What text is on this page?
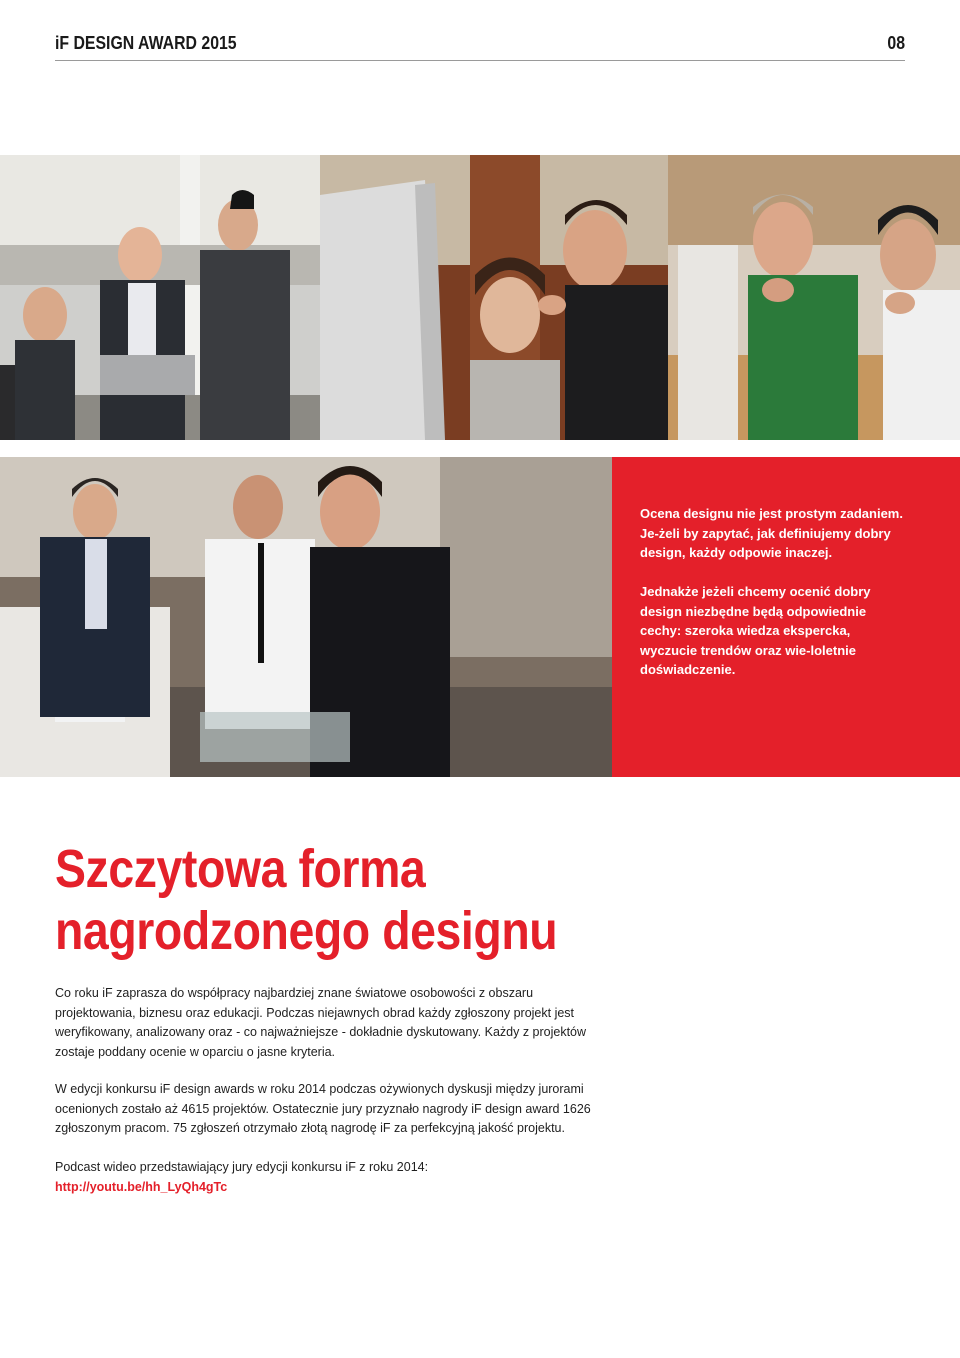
iF DESIGN AWARD 2015	08

Ocena designu nie jest prostym zadaniem. Je-żeli by zapytać, jak definiujemy dobry design, każdy odpowie inaczej.

Jednakże jeżeli chcemy ocenić dobry design niezbędne będą odpowiednie cechy: szeroka wiedza ekspercka, wyczucie trendów oraz wie-loletnie doświadczenie.

Szczytowa forma nagrodzonego designu

Co roku iF zaprasza do współpracy najbardziej znane światowe osobowości z obszaru projektowania, biznesu oraz edukacji. Podczas niejawnych obrad każdy zgłoszony projekt jest weryfikowany, analizowany oraz - co najważniejsze - dokładnie dyskutowany. Każdy z projektów zostaje poddany ocenie w oparciu o jasne kryteria.

W edycji konkursu iF design awards w roku 2014 podczas ożywionych dyskusji między jurorami ocenionych zostało aż 4615 projektów. Ostatecznie jury przyznało nagrody iF design award 1626 zgłoszonym pracom. 75 zgłoszeń otrzymało złotą nagrodę iF za perfekcyjną jakość projektu.

Podcast wideo przedstawiający jury edycji konkursu iF z roku 2014:
http://youtu.be/hh_LyQh4gTc
